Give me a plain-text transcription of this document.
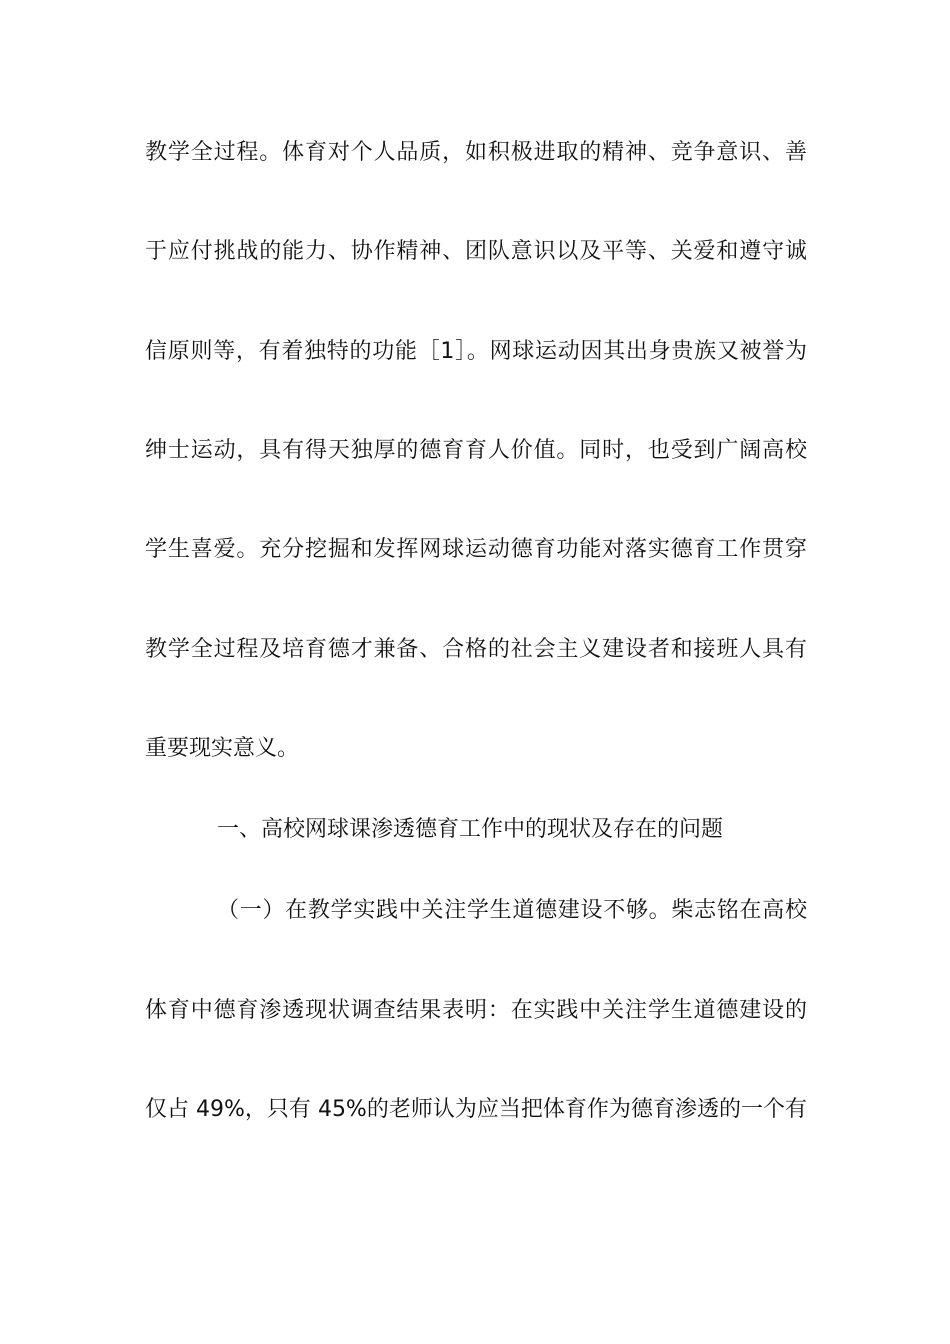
教学全过程。体育对个人品质，如积极进取的精神、竞争意识、善
于应付挑战的能力、协作精神、团队意识以及平等、关爱和遵守诚
信原则等，有着独特的功能［1］。网球运动因其出身贵族又被誉为
绅士运动，具有得天独厚的德育育人价值。同时，也受到广阔高校
学生喜爱。充分挖掘和发挥网球运动德育功能对落实德育工作贯穿
教学全过程及培育德才兼备、合格的社会主义建设者和接班人具有
重要现实意义。
一、高校网球课渗透德育工作中的现状及存在的问题
（一）在教学实践中关注学生道德建设不够。柴志铭在高校
体育中德育渗透现状调查结果表明：在实践中关注学生道德建设的
仅占 49%，只有 45%的老师认为应当把体育作为德育渗透的一个有
